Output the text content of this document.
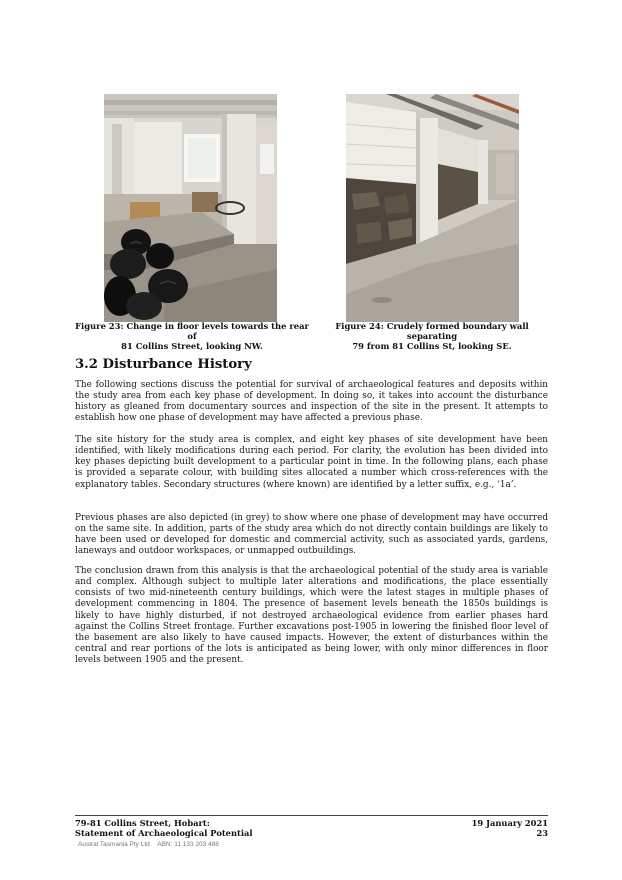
Figure 23: Change in floor levels towards the rear of
81 Collins Street, looking NW.
Figure 24: Crudely formed boundary wall separating
79 from 81 Collins St, looking SE.
3.2 Disturbance History

The following sections discuss the potential for survival of archaeological features and deposits within the study area from each key phase of development. In doing so, it takes into account the disturbance history as gleaned from documentary sources and inspection of the site in the present. It attempts to establish how one phase of development may have affected a previous phase.

The site history for the study area is complex, and eight key phases of site development have been identified, with likely modifications during each period. For clarity, the evolution has been divided into key phases depicting built development to a particular point in time. In the following plans, each phase is provided a separate colour, with building sites allocated a number which cross-references with the explanatory tables. Secondary structures (where known) are identified by a letter suffix, e.g., ‘1a’.

Previous phases are also depicted (in grey) to show where one phase of development may have occurred on the same site. In addition, parts of the study area which do not directly contain buildings are likely to have been used or developed for domestic and commercial activity, such as associated yards, gardens, laneways and outdoor workspaces, or unmapped outbuildings.

The conclusion drawn from this analysis is that the archaeological potential of the study area is variable and complex. Although subject to multiple later alterations and modifications, the place essentially consists of two mid-nineteenth century buildings, which were the latest stages in multiple phases of development commencing in 1804. The presence of basement levels beneath the 1850s buildings is likely to have highly disturbed, if not destroyed archaeological evidence from earlier phases hard against the Collins Street frontage. Further excavations post-1905 in lowering the finished floor level of the basement are also likely to have caused impacts. However, the extent of disturbances within the central and rear portions of the lots is anticipated as being lower, with only minor differences in floor levels between 1905 and the present.

79-81 Collins Street, Hobart:
Statement of Archaeological Potential
19 January 2021
23
Austral Tasmania Pty Ltd ABN: 11 133 203 488
